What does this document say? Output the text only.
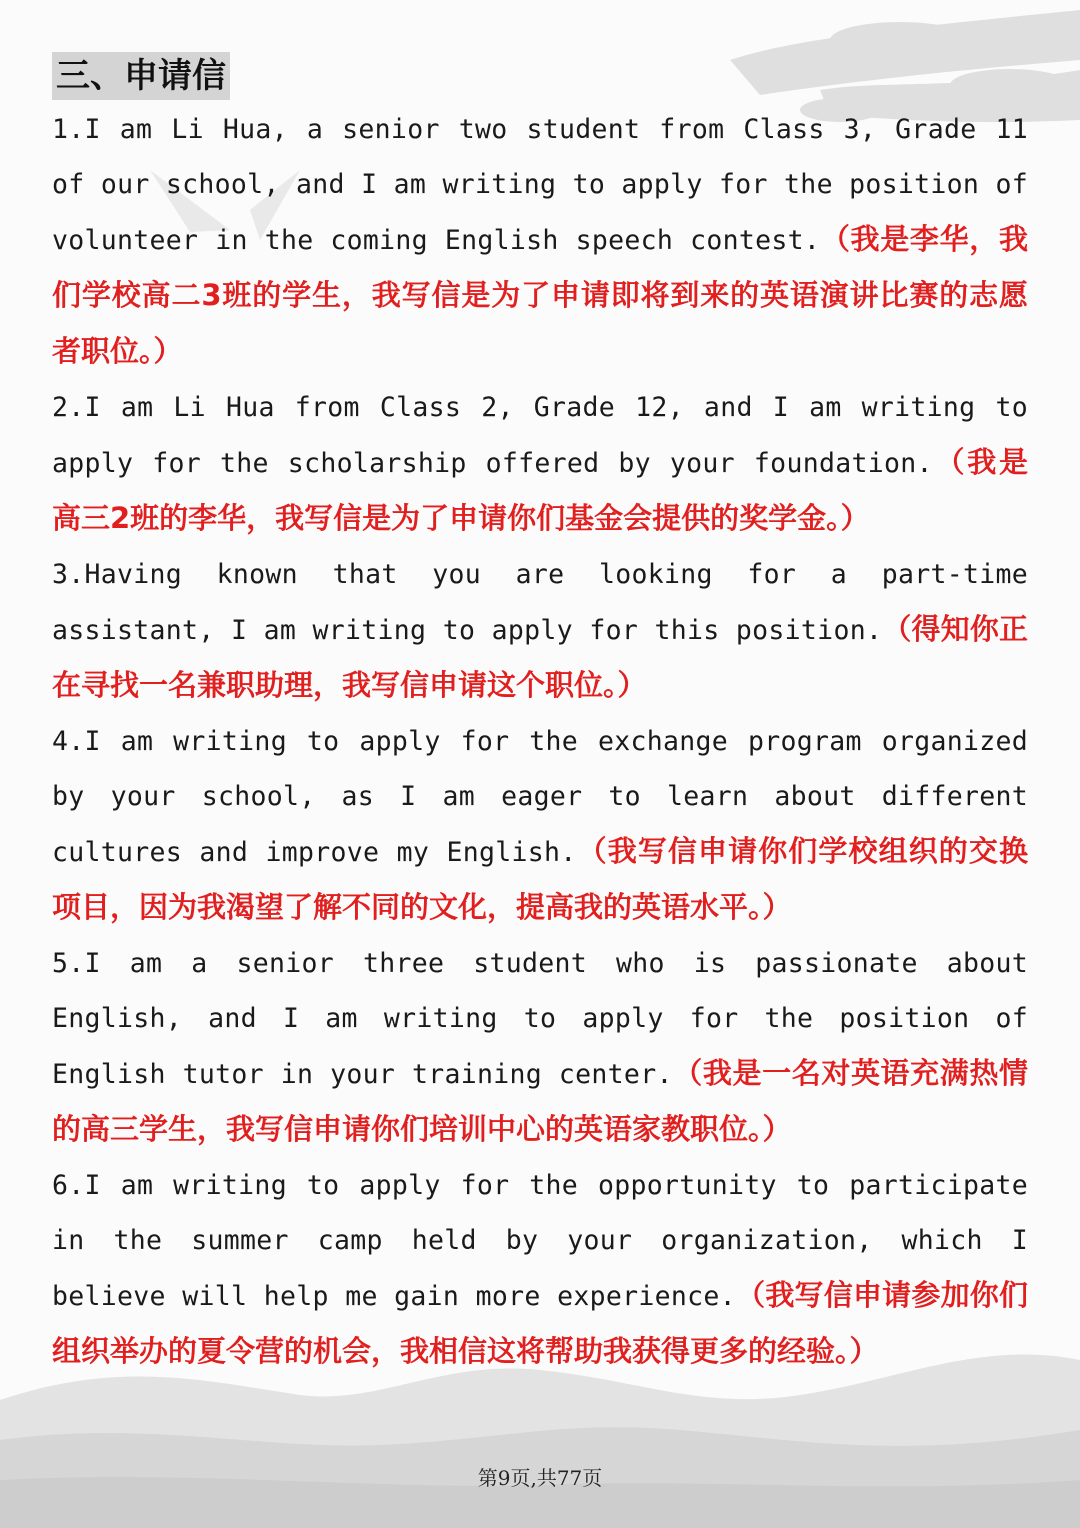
三、申请信
1.I am Li Hua, a senior two student from Class 3, Grade 11 of our school, and I am writing to apply for the position of volunteer in the coming English speech contest.（我是李华，我们学校高二3班的学生，我写信是为了申请即将到来的英语演讲比赛的志愿者职位。）
2.I am Li Hua from Class 2, Grade 12, and I am writing to apply for the scholarship offered by your foundation.（我是高三2班的李华，我写信是为了申请你们基金会提供的奖学金。）
3.Having known that you are looking for a part-time assistant, I am writing to apply for this position.（得知你正在寻找一名兼职助理，我写信申请这个职位。）
4.I am writing to apply for the exchange program organized by your school, as I am eager to learn about different cultures and improve my English.（我写信申请你们学校组织的交换项目，因为我渴望了解不同的文化，提高我的英语水平。）
5.I am a senior three student who is passionate about English, and I am writing to apply for the position of English tutor in your training center.（我是一名对英语充满热情的高三学生，我写信申请你们培训中心的英语家教职位。）
6.I am writing to apply for the opportunity to participate in the summer camp held by your organization, which I believe will help me gain more experience.（我写信申请参加你们组织举办的夏令营的机会，我相信这将帮助我获得更多的经验。）
第9页,共77页
